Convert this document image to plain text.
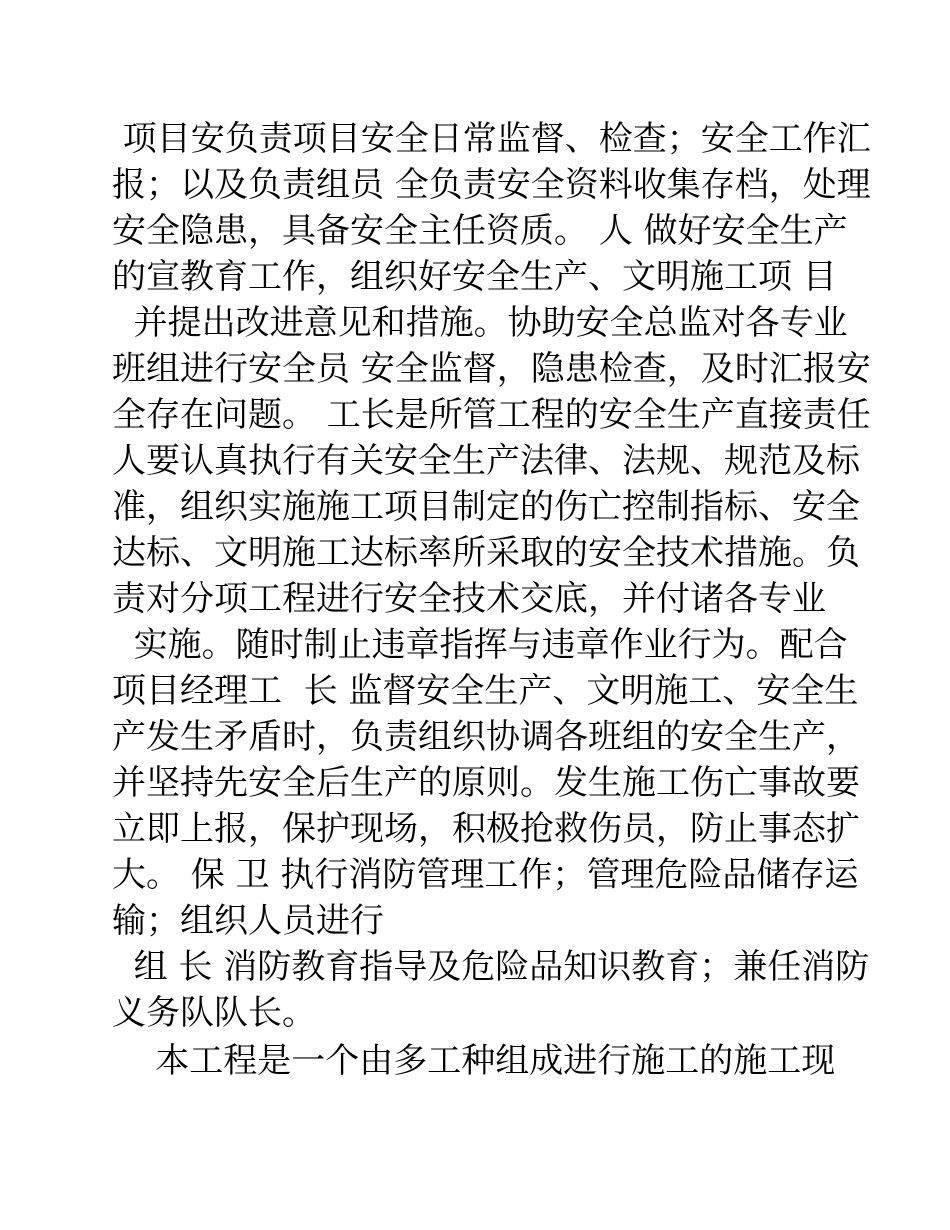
项目安负责项目安全日常监督、检查；安全工作汇
报；以及负责组员 全负责安全资料收集存档，处理
安全隐患，具备安全主任资质。 人 做好安全生产
的宣教育工作，组织好安全生产、文明施工项 目
并提出改进意见和措施。协助安全总监对各专业
班组进行安全员 安全监督，隐患检查，及时汇报安
全存在问题。 工长是所管工程的安全生产直接责任
人要认真执行有关安全生产法律、法规、规范及标
准，组织实施施工项目制定的伤亡控制指标、安全
达标、文明施工达标率所采取的安全技术措施。负
责对分项工程进行安全技术交底，并付诸各专业
实施。随时制止违章指挥与违章作业行为。配合
项目经理工  长 监督安全生产、文明施工、安全生
产发生矛盾时，负责组织协调各班组的安全生产，
并坚持先安全后生产的原则。发生施工伤亡事故要
立即上报，保护现场，积极抢救伤员，防止事态扩
大。 保 卫 执行消防管理工作；管理危险品储存运
输；组织人员进行
组 长 消防教育指导及危险品知识教育；兼任消防
义务队队长。
本工程是一个由多工种组成进行施工的施工现
